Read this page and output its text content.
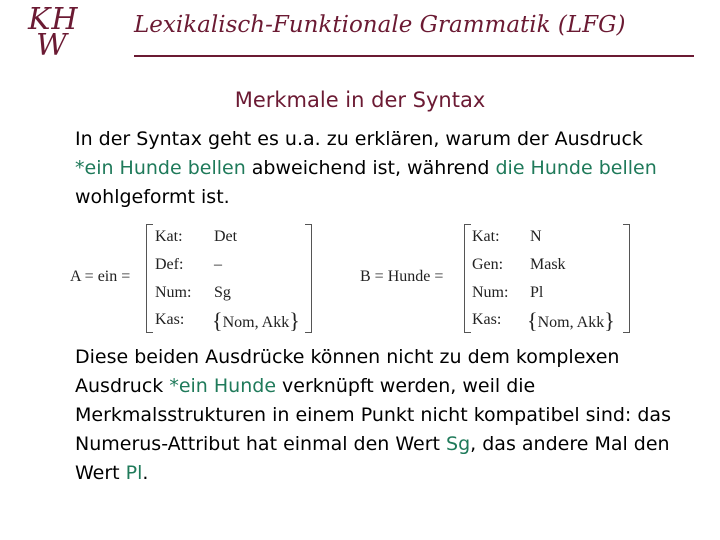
KH
W
Lexikalisch-Funktionale Grammatik (LFG)
Merkmale in der Syntax
In der Syntax geht es u.a. zu erklären, warum der Ausdruck *ein Hunde bellen abweichend ist, während die Hunde bellen wohlgeformt ist.
A = ein =
Kat: Det
Def: –
Num: Sg
Kas: {Nom, Akk}
B = Hunde =
Kat: N
Gen: Mask
Num: Pl
Kas: {Nom, Akk}
Diese beiden Ausdrücke können nicht zu dem komplexen Ausdruck *ein Hunde verknüpft werden, weil die Merkmalsstrukturen in einem Punkt nicht kompatibel sind: das Numerus-Attribut hat einmal den Wert Sg, das andere Mal den Wert Pl.
